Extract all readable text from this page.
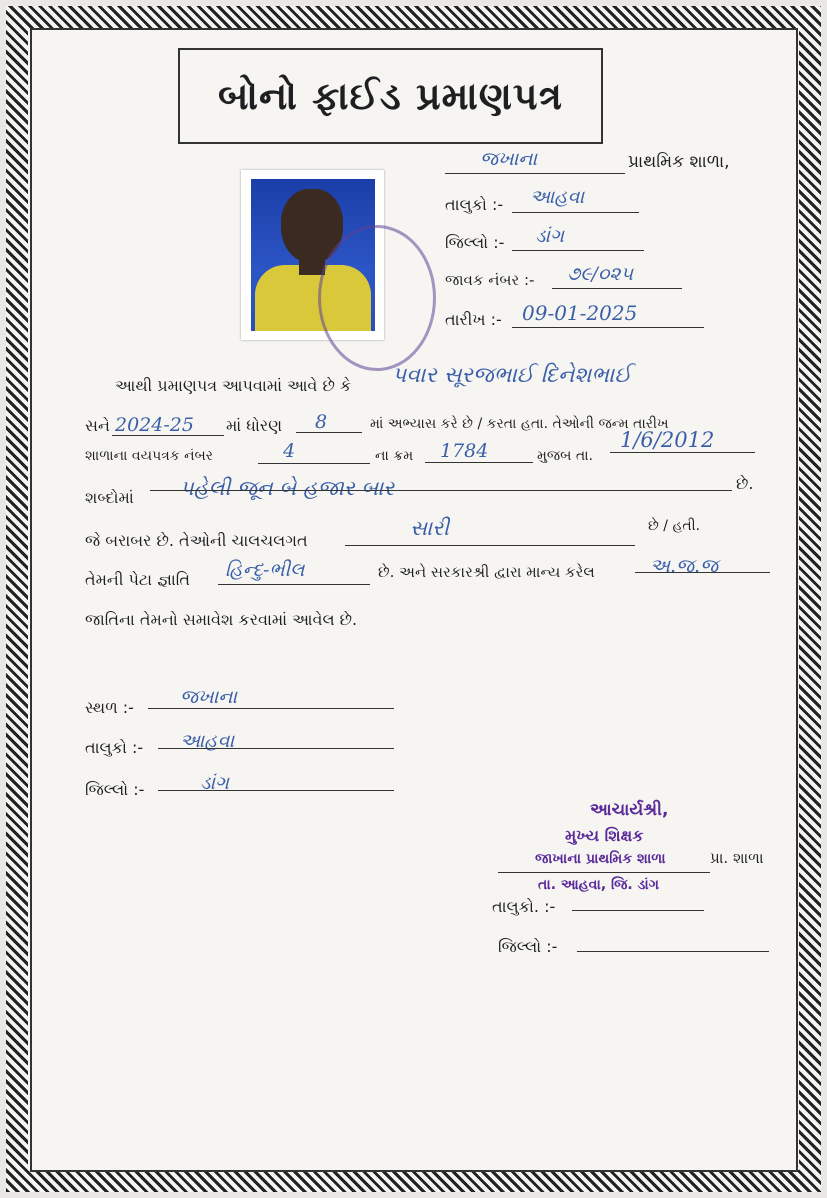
બોનો ફાઈડ પ્રમાણપત્ર
જખાના	પ્રાથમિક શાળા,
તાલુકો :- આહવા
જિલ્લો :- ડાંગ
જાવક નંબર :- ૭૯/૦૨૫
તારીખ :- 09-01-2025
આથી પ્રમાણપત્ર આપવામાં આવે છે કે પવાર સૂરજભાઈ દિનેશભાઈ
સને 2024-25 માં ધોરણ 8	માં અભ્યાસ કરે છે / કરતા હતા. તેઓની જન્મ તારીખ
શાળાના વયપત્રક નંબર	4	ના ક્રમ 1784	મુજબ તા.
1/6/2012
શબ્દોમાં પહેલી જૂન બે હજાર બાર	છે.
જે બરાબર છે. તેઓની ચાલચલગત
સારી	છે / હતી.
તેમની પેટા જ્ઞાતિ હિન્દુ-ભીલ	છે. અને સરકારશ્રી દ્વારા માન્ય કરેલ	અ.જ.જ
જાતિના તેમનો સમાવેશ કરવામાં આવેલ છે.
સ્થળ :- જખાના
તાલુકો :- આહવા
જિલ્લો :-	ડાંગ
આચાર્યશ્રી,
મુખ્ય શિક્ષક
જાખાના પ્રાથમિક શાળા	પ્રા. શાળા
તા. આહવા, જિ. ડાંગ
તાલુકો. :-
જિલ્લો :-
